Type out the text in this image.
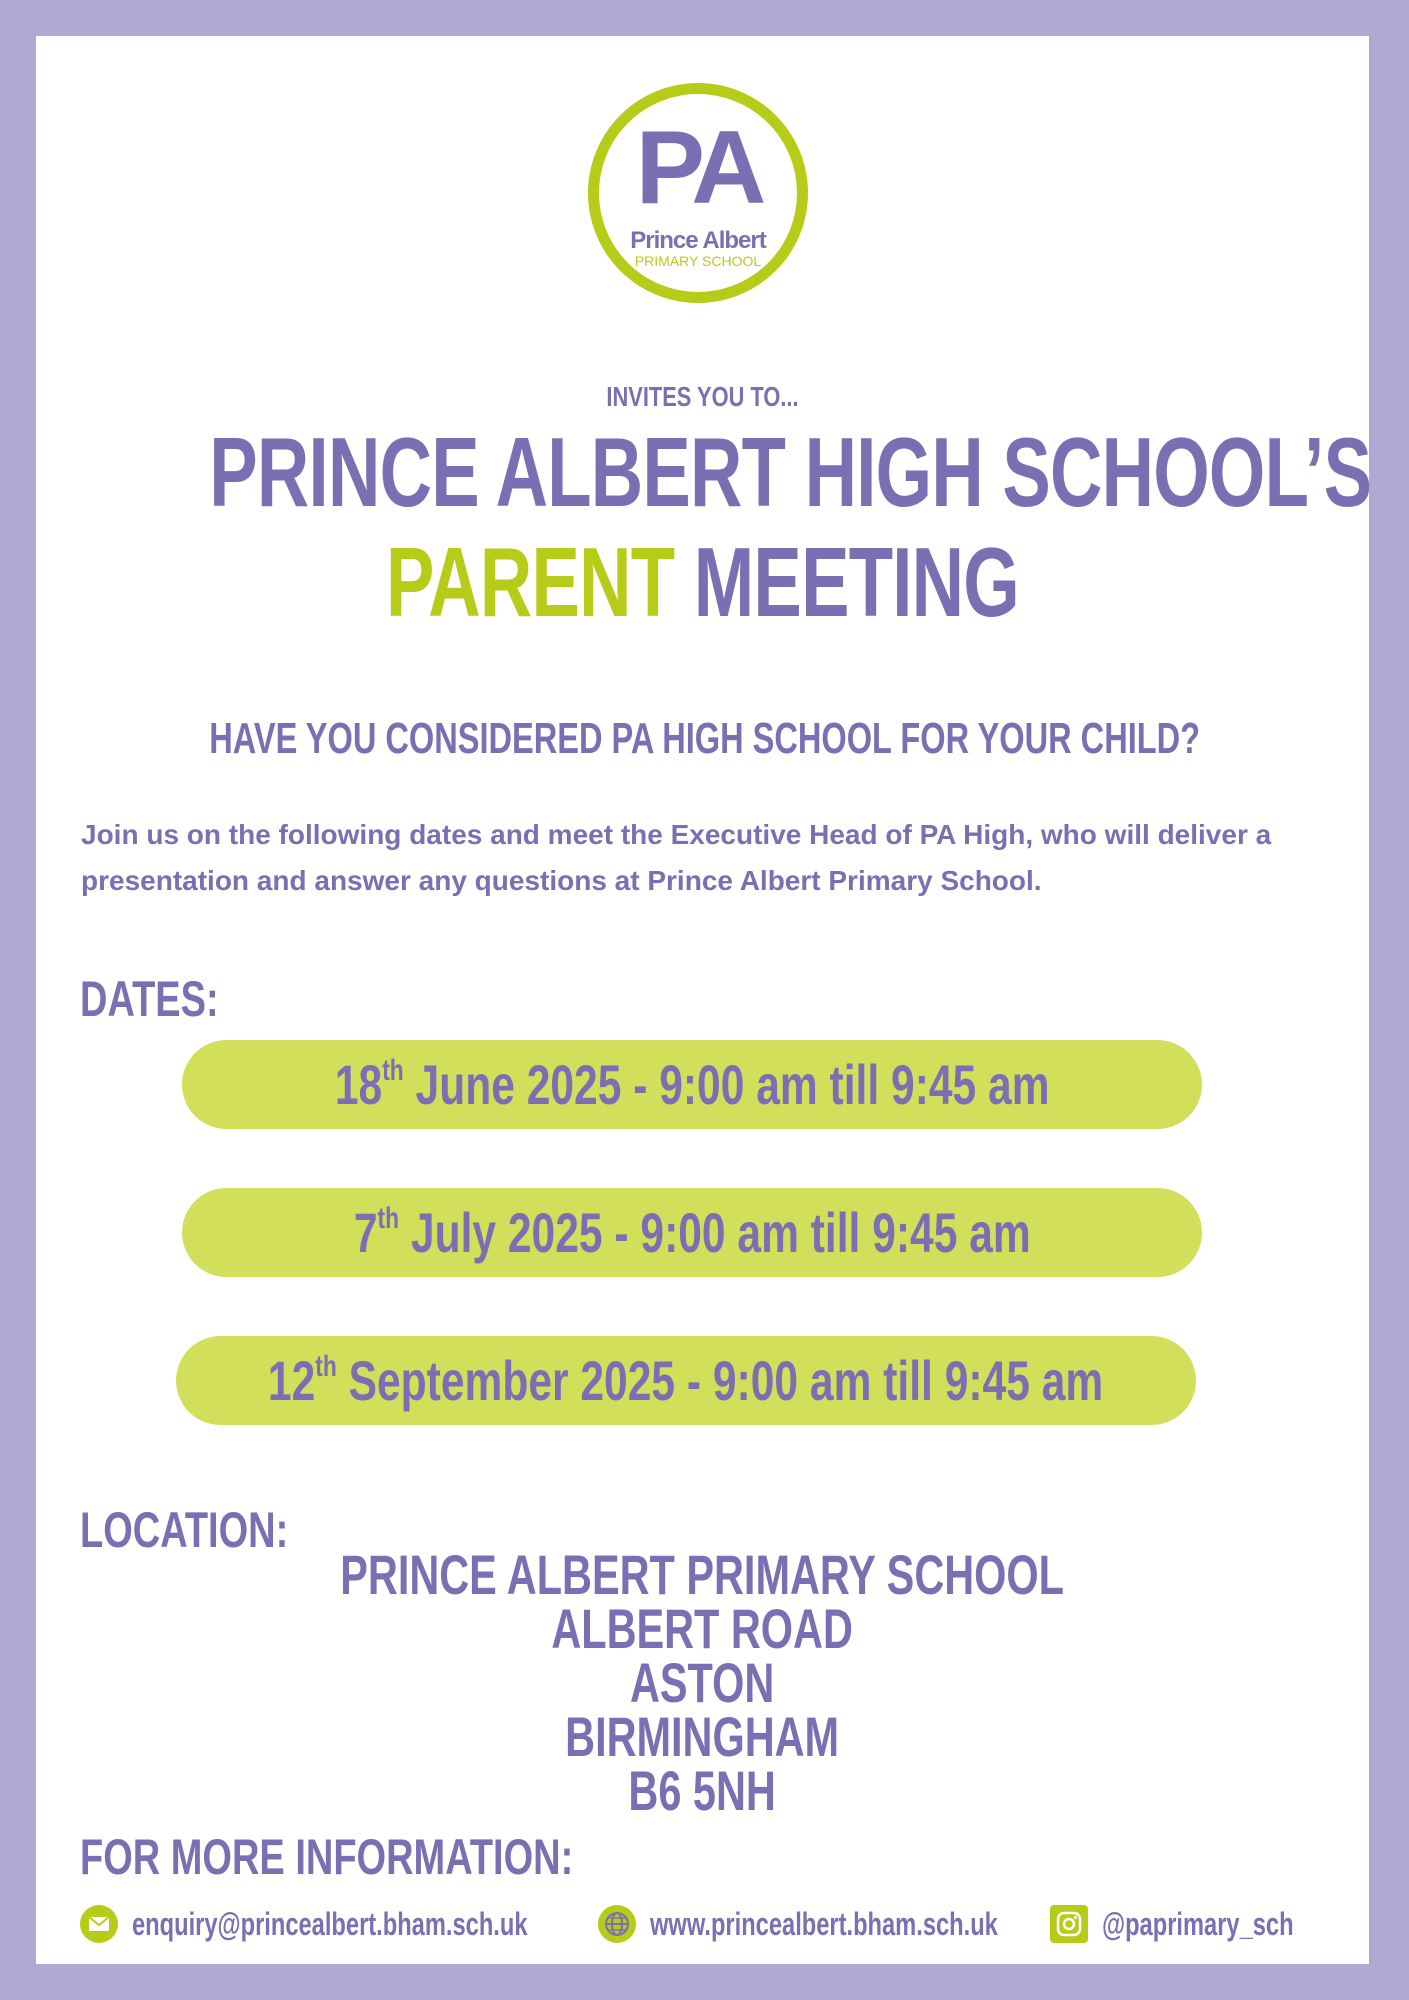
PA
Prince Albert
PRIMARY SCHOOL
INVITES YOU TO...
PRINCE ALBERT HIGH SCHOOL’S
PARENT MEETING
HAVE YOU CONSIDERED PA HIGH SCHOOL FOR YOUR CHILD?
Join us on the following dates and meet the Executive Head of PA High, who will deliver a presentation and answer any questions at Prince Albert Primary School.
DATES:
18th June 2025 - 9:00 am till 9:45 am
7th July 2025 - 9:00 am till 9:45 am
12th September 2025 - 9:00 am till 9:45 am
LOCATION:
PRINCE ALBERT PRIMARY SCHOOL
ALBERT ROAD
ASTON
BIRMINGHAM
B6 5NH
FOR MORE INFORMATION:
enquiry@princealbert.bham.sch.uk	www.princealbert.bham.sch.uk	@paprimary_sch
